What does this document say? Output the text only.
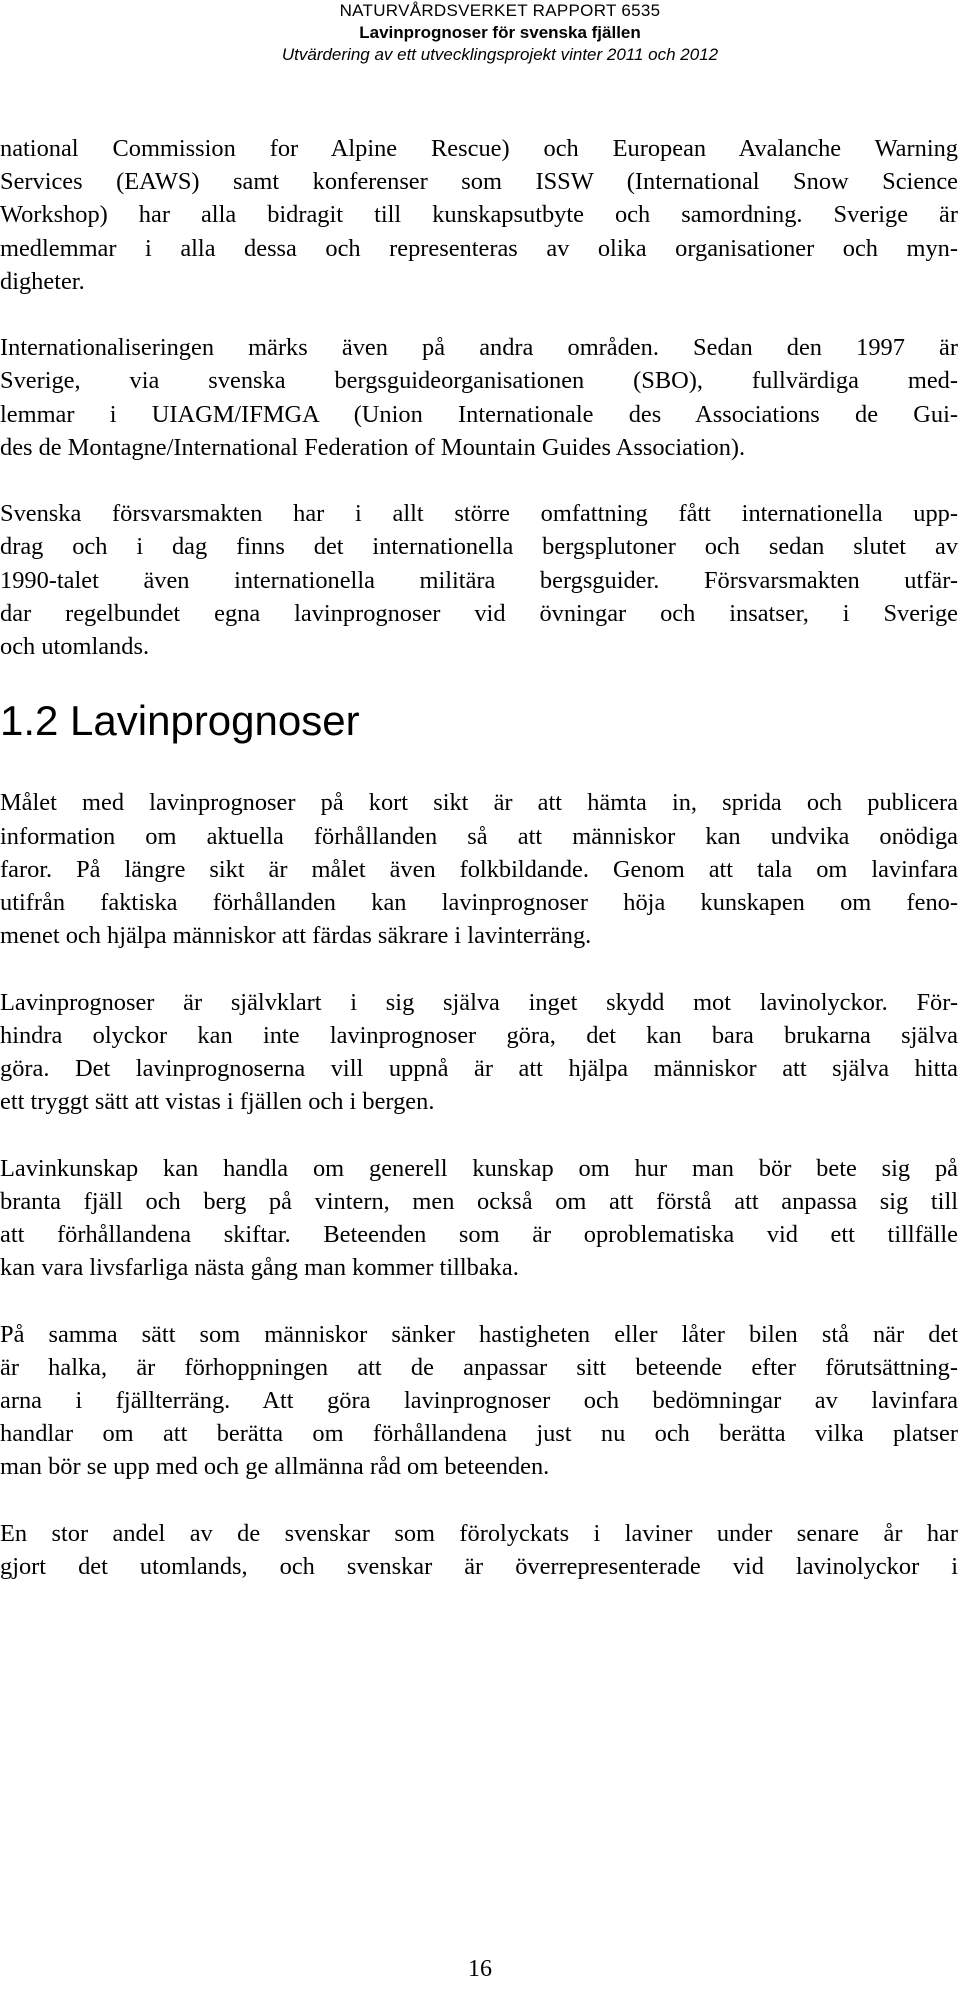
NATURVÅRDSVERKET RAPPORT 6535
Lavinprognoser för svenska fjällen
Utvärdering av ett utvecklingsprojekt vinter 2011 och 2012

national Commission for Alpine Rescue) och European Avalanche Warning
Services (EAWS) samt konferenser som ISSW (International Snow Science
Workshop) har alla bidragit till kunskapsutbyte och samordning. Sverige är
medlemmar i alla dessa och representeras av olika organisationer och myn-
digheter.

Internationaliseringen märks även på andra områden. Sedan den 1997 är
Sverige, via svenska bergsguideorganisationen (SBO), fullvärdiga med-
lemmar i UIAGM/IFMGA (Union Internationale des Associations de Gui-
des de Montagne/International Federation of Mountain Guides Association).

Svenska försvarsmakten har i allt större omfattning fått internationella upp-
drag och i dag finns det internationella bergsplutoner och sedan slutet av
1990-talet även internationella militära bergsguider. Försvarsmakten utfär-
dar regelbundet egna lavinprognoser vid övningar och insatser, i Sverige
och utomlands.

1.2 Lavinprognoser

Målet med lavinprognoser på kort sikt är att hämta in, sprida och publicera
information om aktuella förhållanden så att människor kan undvika onödiga
faror. På längre sikt är målet även folkbildande. Genom att tala om lavinfara
utifrån faktiska förhållanden kan lavinprognoser höja kunskapen om feno-
menet och hjälpa människor att färdas säkrare i lavinterräng.

Lavinprognoser är självklart i sig själva inget skydd mot lavinolyckor. För-
hindra olyckor kan inte lavinprognoser göra, det kan bara brukarna själva
göra. Det lavinprognoserna vill uppnå är att hjälpa människor att själva hitta
ett tryggt sätt att vistas i fjällen och i bergen.

Lavinkunskap kan handla om generell kunskap om hur man bör bete sig på
branta fjäll och berg på vintern, men också om att förstå att anpassa sig till
att förhållandena skiftar. Beteenden som är oproblematiska vid ett tillfälle
kan vara livsfarliga nästa gång man kommer tillbaka.

På samma sätt som människor sänker hastigheten eller låter bilen stå när det
är halka, är förhoppningen att de anpassar sitt beteende efter förutsättning-
arna i fjällterräng. Att göra lavinprognoser och bedömningar av lavinfara
handlar om att berätta om förhållandena just nu och berätta vilka platser
man bör se upp med och ge allmänna råd om beteenden.

En stor andel av de svenskar som förolyckats i laviner under senare år har
gjort det utomlands, och svenskar är överrepresenterade vid lavinolyckor i

16
